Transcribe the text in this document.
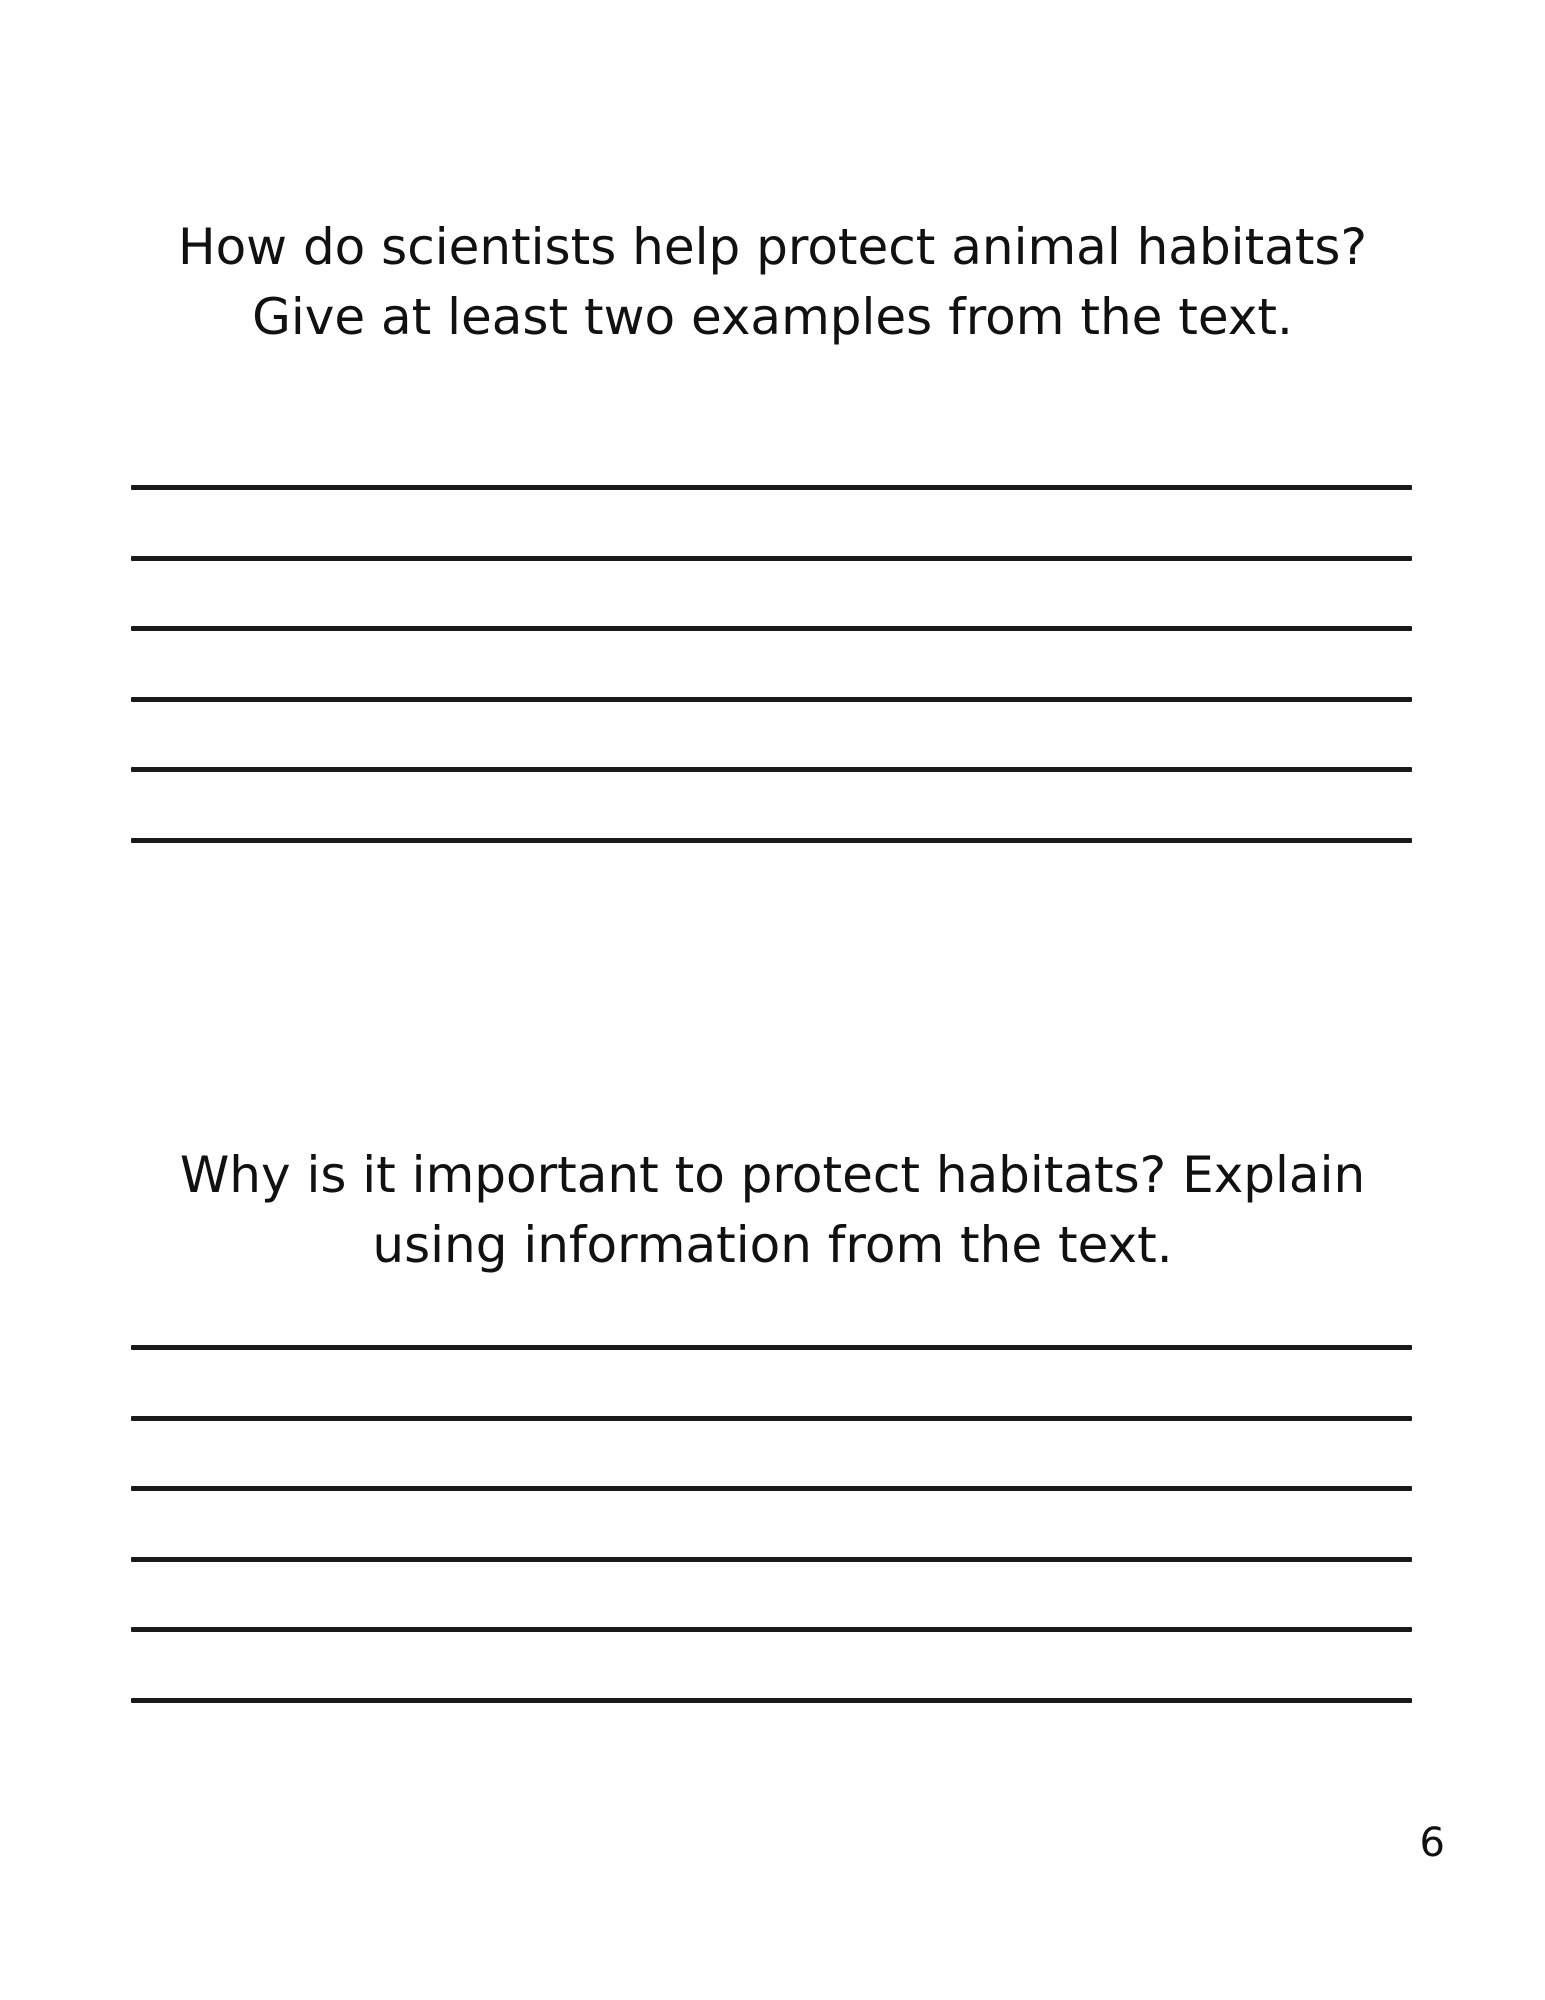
How do scientists help protect animal habitats?
Give at least two examples from the text.
Why is it important to protect habitats? Explain
using information from the text.
6
